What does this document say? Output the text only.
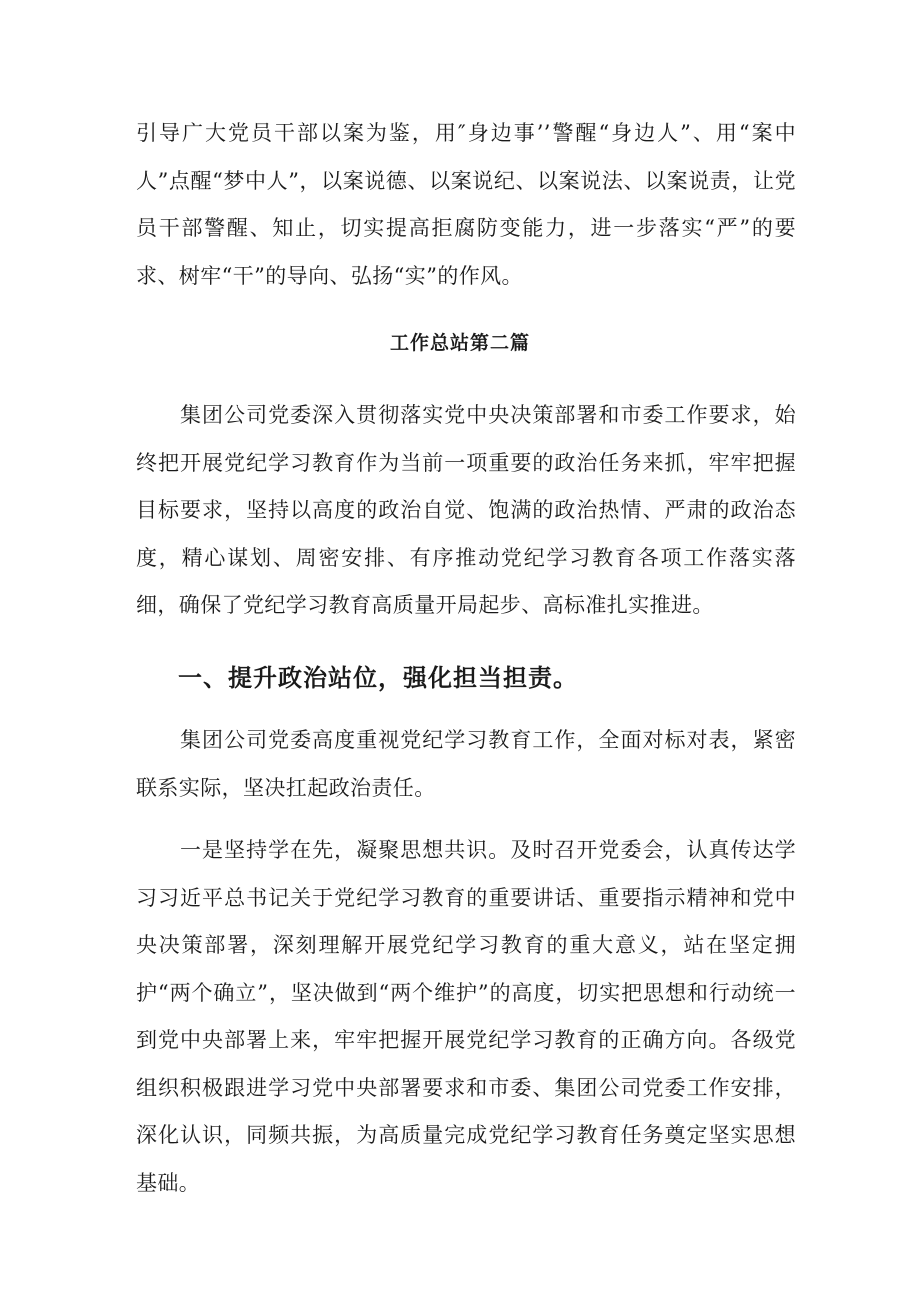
引导广大党员干部以案为鉴，用″身边事’’警醒“身边人”、用“案中人”点醒“梦中人”，以案说德、以案说纪、以案说法、以案说责，让党员干部警醒、知止，切实提高拒腐防变能力，进一步落实“严”的要求、树牢“干”的导向、弘扬“实”的作风。

工作总站第二篇

集团公司党委深入贯彻落实党中央决策部署和市委工作要求，始终把开展党纪学习教育作为当前一项重要的政治任务来抓，牢牢把握目标要求，坚持以高度的政治自觉、饱满的政治热情、严肃的政治态度，精心谋划、周密安排、有序推动党纪学习教育各项工作落实落细，确保了党纪学习教育高质量开局起步、高标准扎实推进。

一、提升政治站位，强化担当担责。

集团公司党委高度重视党纪学习教育工作，全面对标对表，紧密联系实际，坚决扛起政治责任。

一是坚持学在先，凝聚思想共识。及时召开党委会，认真传达学习习近平总书记关于党纪学习教育的重要讲话、重要指示精神和党中央决策部署，深刻理解开展党纪学习教育的重大意义，站在坚定拥护“两个确立”，坚决做到“两个维护”的高度，切实把思想和行动统一到党中央部署上来，牢牢把握开展党纪学习教育的正确方向。各级党组织积极跟进学习党中央部署要求和市委、集团公司党委工作安排，深化认识，同频共振，为高质量完成党纪学习教育任务奠定坚实思想基础。
